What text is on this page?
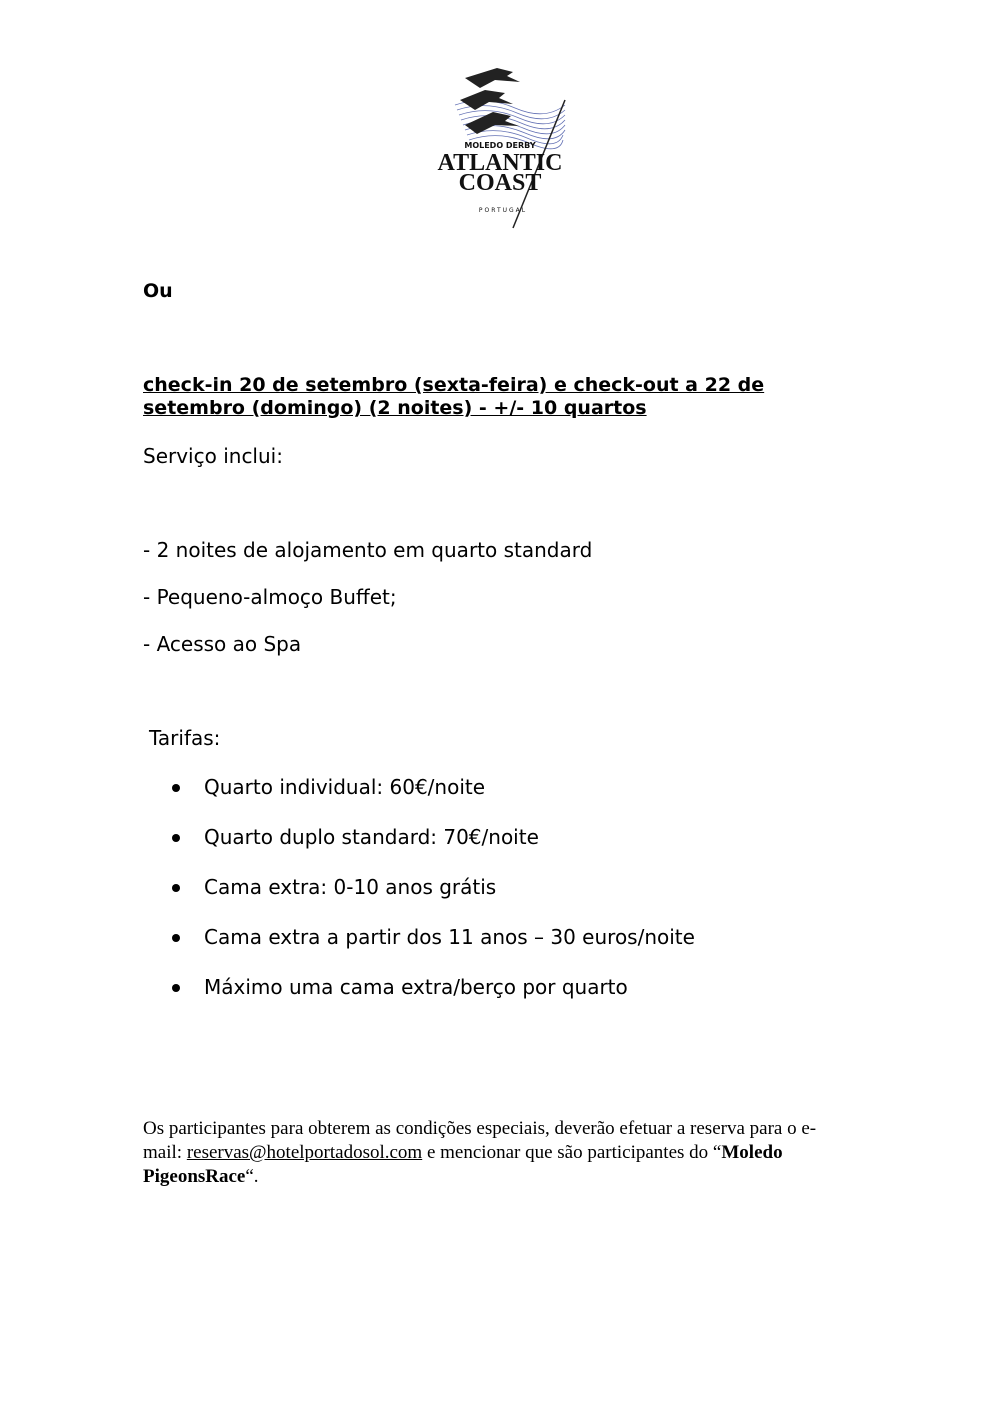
MOLEDO DERBY
ATLANTIC
COAST
PORTUGAL
Ou
check-in 20 de setembro (sexta-feira) e check-out a 22 de
setembro (domingo) (2 noites) - +/- 10 quartos
Serviço inclui:
- 2 noites de alojamento em quarto standard
- Pequeno-almoço Buffet;
- Acesso ao Spa
Tarifas:
Quarto individual: 60€/noite
Quarto duplo standard: 70€/noite
Cama extra: 0-10 anos grátis
Cama extra a partir dos 11 anos – 30 euros/noite
Máximo uma cama extra/berço por quarto
Os participantes para obterem as condições especiais, deverão efetuar a reserva para o e-
mail: reservas@hotelportadosol.com e mencionar que são participantes do “Moledo
PigeonsRace“.
